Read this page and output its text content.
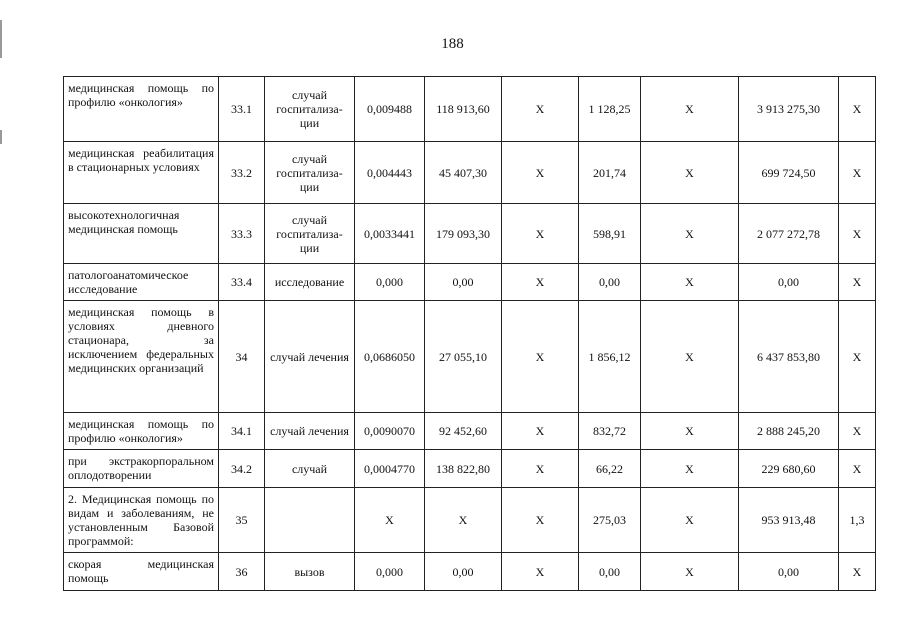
188
медицинская помощь по профилю «онкология»	33.1	случай госпитализа-ции	0,009488	118 913,60	X	1 128,25	X	3 913 275,30	X
медицинская реабилитация в стационарных условиях	33.2	случай госпитализа-ции	0,004443	45 407,30	X	201,74	X	699 724,50	X
высокотехнологичная медицинская помощь	33.3	случай госпитализа-ции	0,0033441	179 093,30	X	598,91	X	2 077 272,78	X
патологоанатомическое исследование	33.4	исследование	0,000	0,00	X	0,00	X	0,00	X
медицинская помощь в условиях дневного стационара, за исключением федеральных медицинских организаций	34	случай лечения	0,0686050	27 055,10	X	1 856,12	X	6 437 853,80	X
медицинская помощь по профилю «онкология»	34.1	случай лечения	0,0090070	92 452,60	X	832,72	X	2 888 245,20	X
при экстракорпоральном оплодотворении	34.2	случай	0,0004770	138 822,80	X	66,22	X	229 680,60	X
2. Медицинская помощь по видам и заболеваниям, не установленным Базовой программой:	35		X	X	X	275,03	X	953 913,48	1,3
скорая медицинская помощь	36	вызов	0,000	0,00	X	0,00	X	0,00	X
